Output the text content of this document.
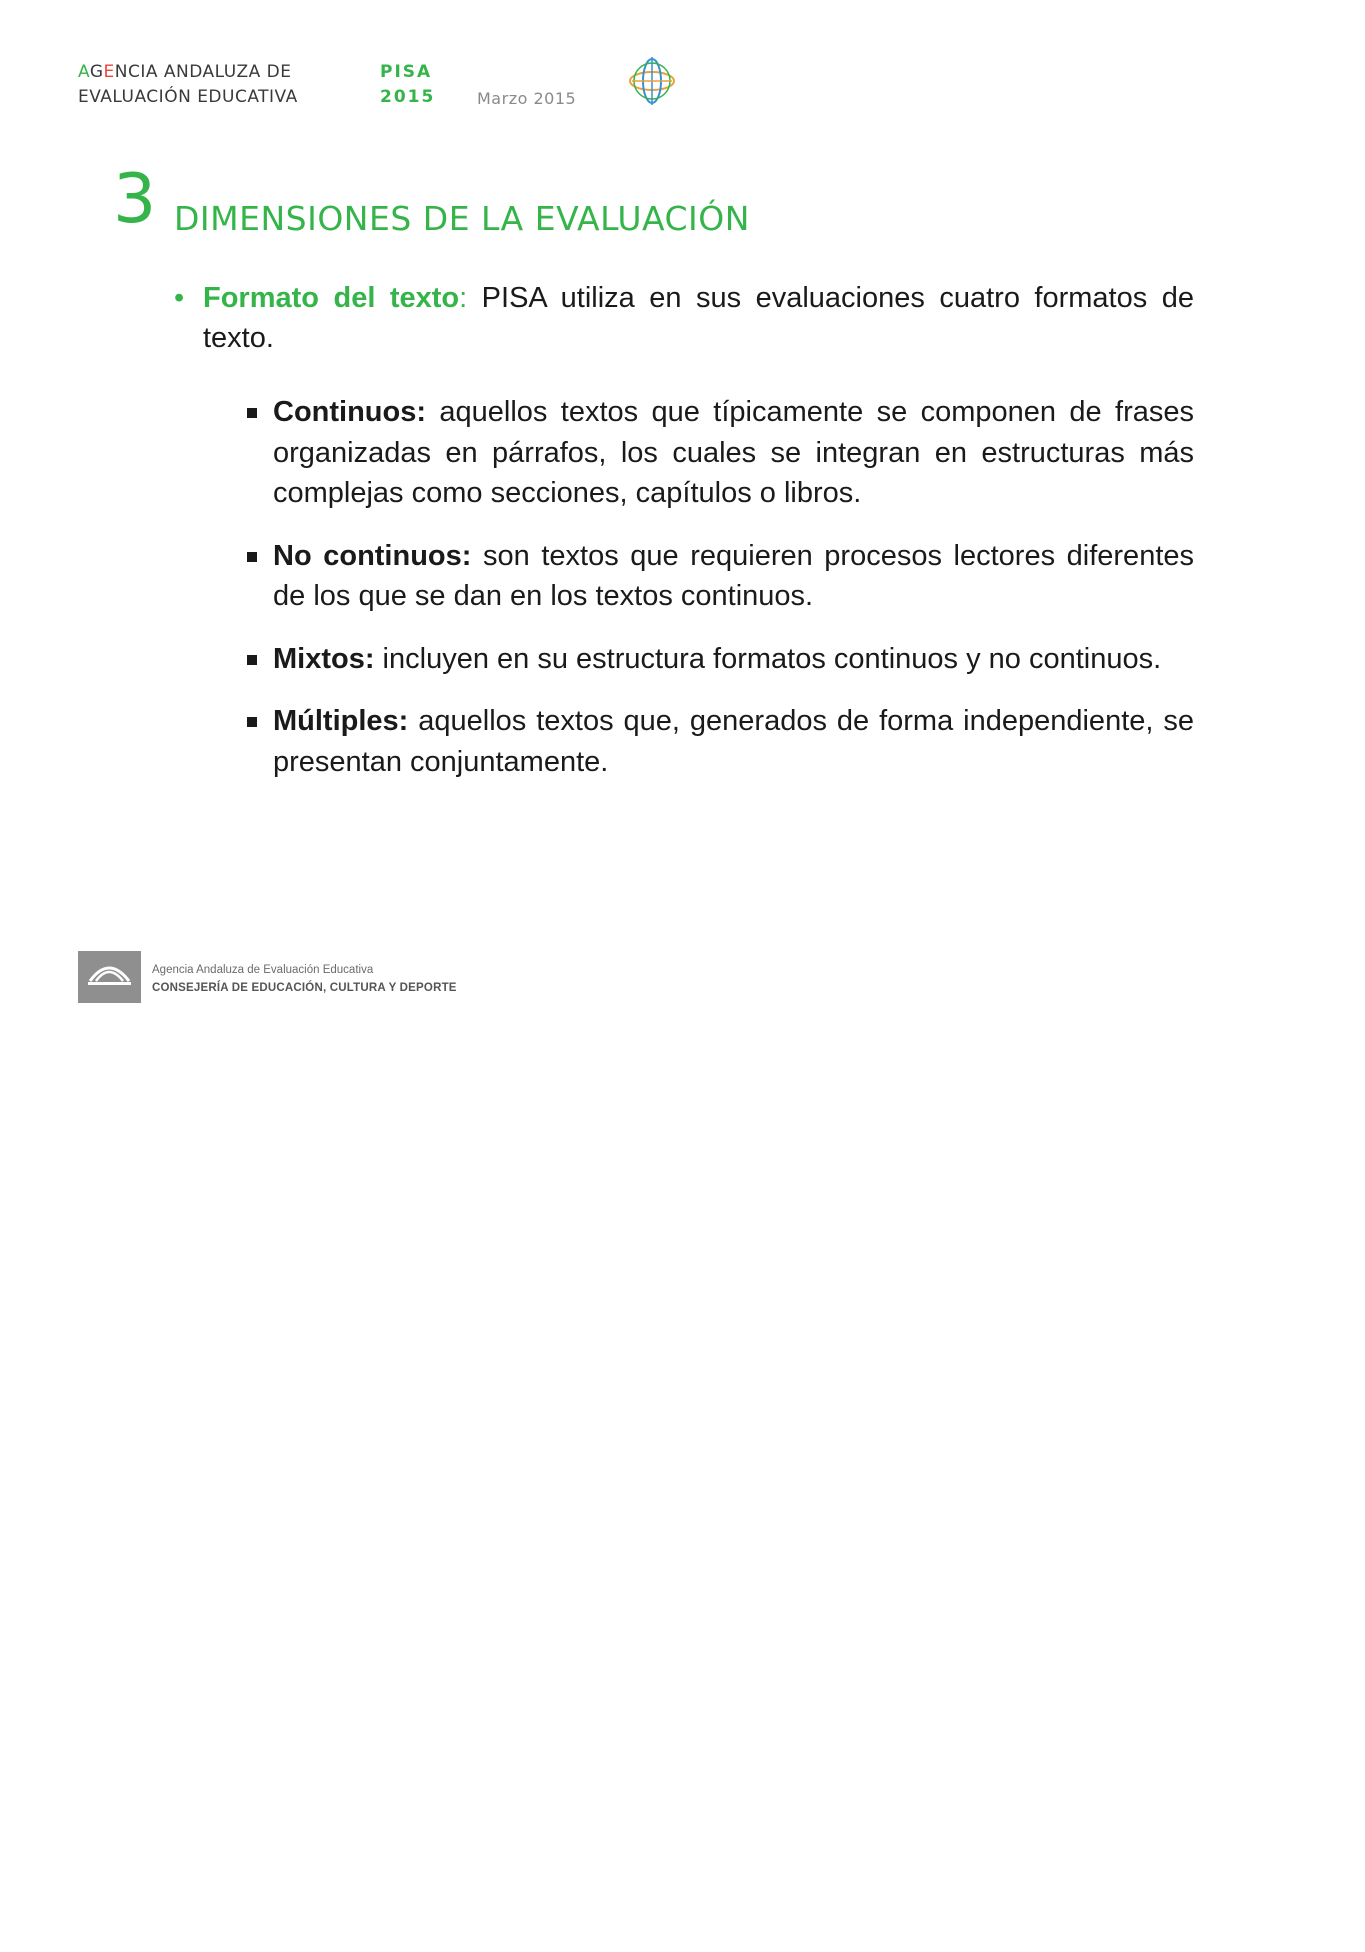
AGENCIA ANDALUZA DE
EVALUACIÓN EDUCATIVA
PISA
2015	Marzo 2015
3 DIMENSIONES DE LA EVALUACIÓN
• Formato del texto: PISA utiliza en sus evaluaciones cuatro formatos de texto.

Continuos: aquellos textos que típicamente se componen de frases organizadas en párrafos, los cuales se integran en estructuras más complejas como secciones, capítulos o libros.
No continuos: son textos que requieren procesos lectores diferentes de los que se dan en los textos continuos.
Mixtos: incluyen en su estructura formatos continuos y no continuos.
Múltiples: aquellos textos que, generados de forma independiente, se presentan conjuntamente.
JUNTA DE ANDALUCIA
Agencia Andaluza de Evaluación Educativa
CONSEJERÍA DE EDUCACIÓN, CULTURA Y DEPORTE
